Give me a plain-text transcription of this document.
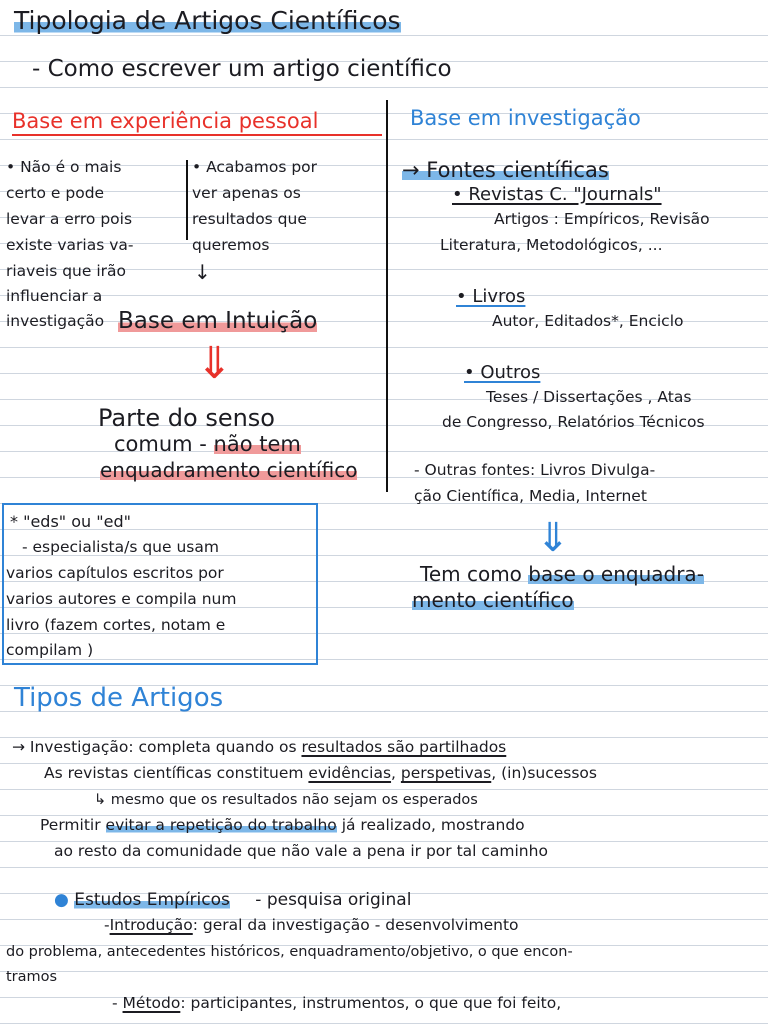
Tipologia de Artigos Científicos
- Como escrever um artigo científico
Base em experiência pessoal
• Não é o mais
certo e pode
levar a erro pois
existe varias va-
riaveis que irão
influenciar a
investigação
• Acabamos por
ver apenas os
resultados que
queremos
↓
Base em Intuição
⇓
Parte do senso
comum - não tem
enquadramento científico
Base em investigação
→ Fontes científicas
• Revistas C. "Journals"
Artigos : Empíricos, Revisão
Literatura, Metodológicos, ...
• Livros
Autor, Editados*, Enciclo
• Outros
Teses / Dissertações , Atas
de Congresso, Relatórios Técnicos
- Outras fontes: Livros Divulga-
ção Científica, Media, Internet
⇓
Tem como base o enquadra-
mento científico
* "eds" ou "ed"
- especialista/s que usam
varios capítulos escritos por
varios autores e compila num
livro (fazem cortes, notam e
compilam )
Tipos de Artigos
→ Investigação: completa quando os resultados são partilhados
As revistas científicas constituem evidências, perspetivas, (in)sucessos
↳ mesmo que os resultados não sejam os esperados
Permitir evitar a repetição do trabalho já realizado, mostrando
ao resto da comunidade que não vale a pena ir por tal caminho
● Estudos Empíricos - pesquisa original
-Introdução: geral da investigação - desenvolvimento
do problema, antecedentes históricos, enquadramento/objetivo, o que encon-
tramos
- Método: participantes, instrumentos, o que que foi feito,
